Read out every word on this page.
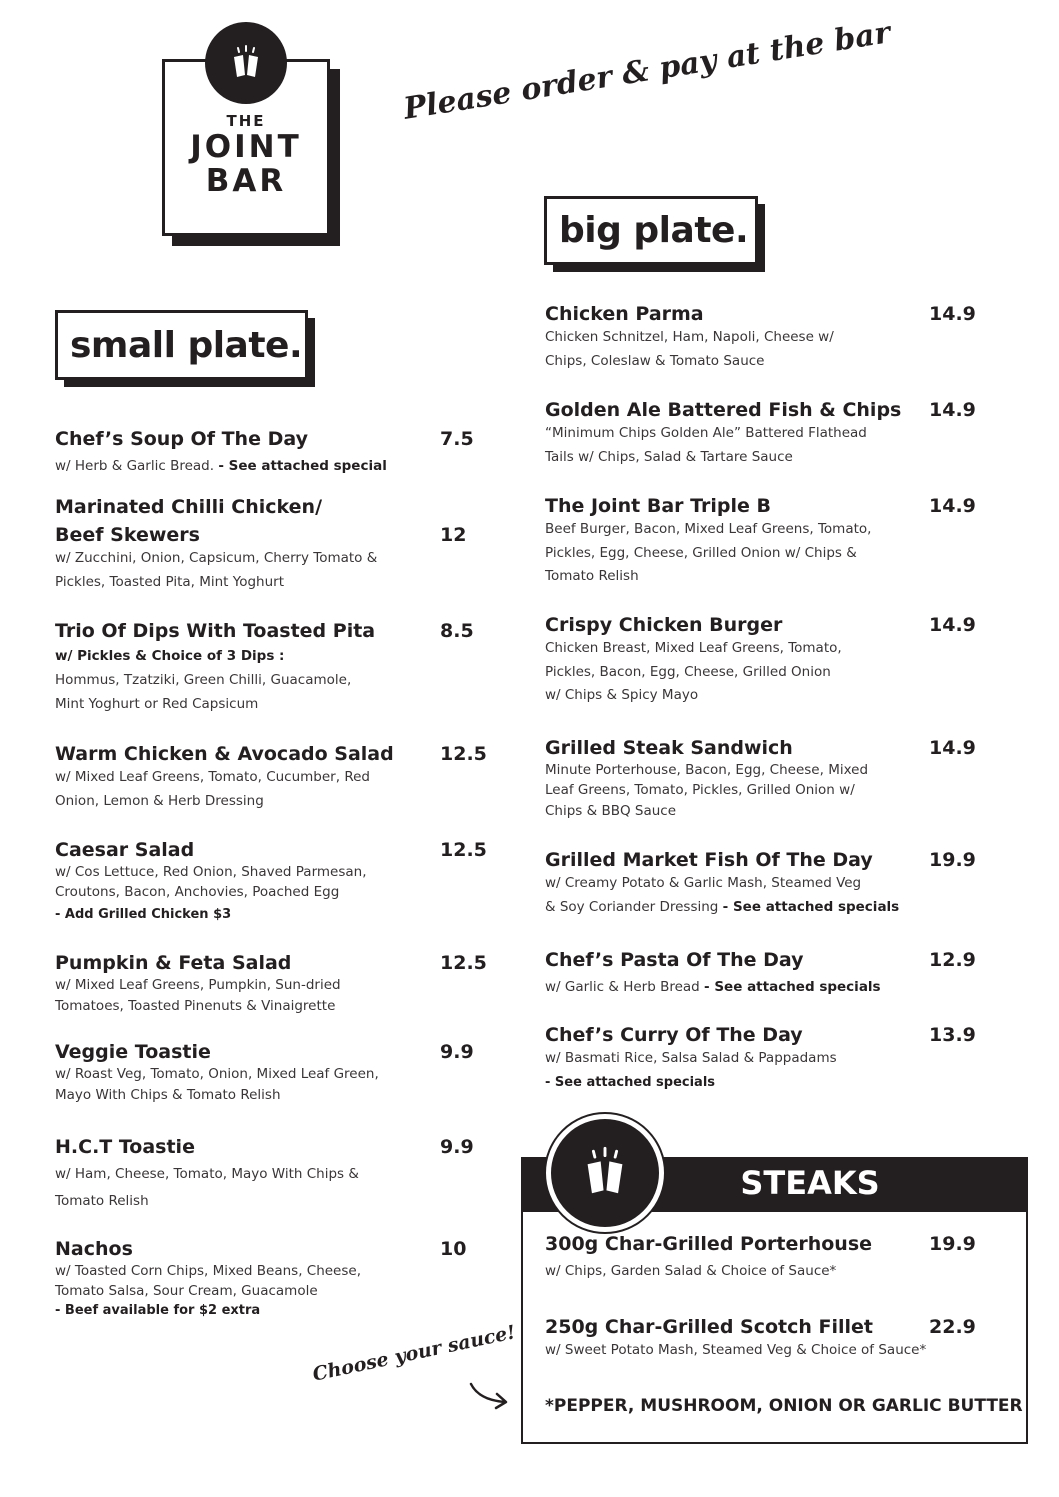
THE
JOINT
BAR
Please order & pay at the bar
small plate.
big plate.
Chef’s Soup Of The Day
w/ Herb & Garlic Bread. - See attached special
7.5
Marinated Chilli Chicken/
Beef Skewers
w/ Zucchini, Onion, Capsicum, Cherry Tomato &
Pickles, Toasted Pita, Mint Yoghurt
12
Trio Of Dips With Toasted Pita
w/ Pickles & Choice of 3 Dips :
Hommus, Tzatziki, Green Chilli, Guacamole,
Mint Yoghurt or Red Capsicum
8.5
Warm Chicken & Avocado Salad
w/ Mixed Leaf Greens, Tomato, Cucumber, Red
Onion, Lemon & Herb Dressing
12.5
Caesar Salad
w/ Cos Lettuce, Red Onion, Shaved Parmesan,
Croutons, Bacon, Anchovies, Poached Egg
- Add Grilled Chicken $3
12.5
Pumpkin & Feta Salad
w/ Mixed Leaf Greens, Pumpkin, Sun-dried
Tomatoes, Toasted Pinenuts & Vinaigrette
12.5
Veggie Toastie
w/ Roast Veg, Tomato, Onion, Mixed Leaf Green,
Mayo With Chips & Tomato Relish
9.9
H.C.T Toastie
w/ Ham, Cheese, Tomato, Mayo With Chips &
Tomato Relish
9.9
Nachos
w/ Toasted Corn Chips, Mixed Beans, Cheese,
Tomato Salsa, Sour Cream, Guacamole
- Beef available for $2 extra
10
Chicken Parma
Chicken Schnitzel, Ham, Napoli, Cheese w/
Chips, Coleslaw & Tomato Sauce
14.9
Golden Ale Battered Fish & Chips
“Minimum Chips Golden Ale” Battered Flathead
Tails w/ Chips, Salad & Tartare Sauce
14.9
The Joint Bar Triple B
Beef Burger, Bacon, Mixed Leaf Greens, Tomato,
Pickles, Egg, Cheese, Grilled Onion w/ Chips &
Tomato Relish
14.9
Crispy Chicken Burger
Chicken Breast, Mixed Leaf Greens, Tomato,
Pickles, Bacon, Egg, Cheese, Grilled Onion
w/ Chips & Spicy Mayo
14.9
Grilled Steak Sandwich
Minute Porterhouse, Bacon, Egg, Cheese, Mixed
Leaf Greens, Tomato, Pickles, Grilled Onion w/
Chips & BBQ Sauce
14.9
Grilled Market Fish Of The Day
w/ Creamy Potato & Garlic Mash, Steamed Veg
& Soy Coriander Dressing - See attached specials
19.9
Chef’s Pasta Of The Day
w/ Garlic & Herb Bread - See attached specials
12.9
Chef’s Curry Of The Day
w/ Basmati Rice, Salsa Salad & Pappadams
- See attached specials
13.9
STEAKS
300g Char-Grilled Porterhouse
w/ Chips, Garden Salad & Choice of Sauce*
19.9
250g Char-Grilled Scotch Fillet
w/ Sweet Potato Mash, Steamed Veg & Choice of Sauce*
22.9
*PEPPER, MUSHROOM, ONION OR GARLIC BUTTER
Choose your sauce!
